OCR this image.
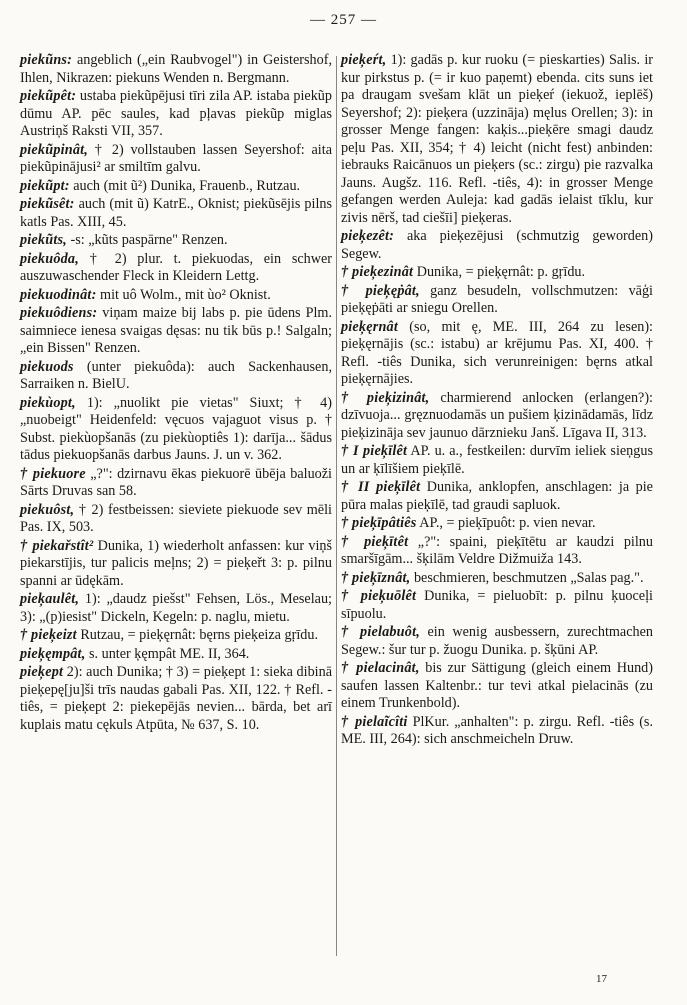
— 257 —

piekũns: angeblich („ein Raubvogel") in Geistershof, Ihlen, Nikrazen: piekuns Wenden n. Bergmann.

piekũpêt: ustaba piekũpējusi tīri zila AP. istaba piekũp dūmu AP. pēc saules, kad pļavas piekũp miglas Austriņš Raksti VII, 357.

piekũpinât, † 2) vollstauben lassen Seyershof: aita piekũpinājusi² ar smiltīm galvu.

piekũpt: auch (mit ũ²) Dunika, Frauenb., Rutzau.

piekũsêt: auch (mit ũ) KatrE., Oknist; piekũsējis pilns katls Pas. XIII, 45.

piekũts, -s: „kũts paspārne" Renzen.

piekuôda, † 2) plur. t. piekuodas, ein schwer auszuwaschender Fleck in Kleidern Lettg.

piekuodinât: mit uô Wolm., mit ùo² Oknist.

piekuôdiens: viņam maize bij labs p. pie ūdens Plm. saimniece ienesa svaigas dęsas: nu tik būs p.! Salgaln; „ein Bissen" Renzen.

piekuods (unter piekuôda): auch Sackenhausen, Sarraiken n. BielU.

piekùopt, 1): „nuolikt pie vietas" Siuxt; † 4) „nuobeigt" Heidenfeld: vęcuos vajaguot visus p. † Subst. piekùopšanās (zu piekùoptiês 1): darīja... šādus tādus piekuopšanās darbus Jauns. J. un v. 362.

† piekuore „?": dzirnavu ēkas piekuorē ūbēja baluoži Sārts Druvas san 58.

piekuôst, † 2) festbeissen: sieviete piekuode sev mēli Pas. IX, 503.

† piekařstît² Dunika, 1) wiederholt anfassen: kur viņš piekarstījis, tur palicis meļns; 2) = pieķeřt 3: p. pilnu spanni ar ūdękām.

pieķaulêt, 1): „daudz piešst" Fehsen, Lös., Meselau; 3): „(p)iesist" Dickeln, Kegeln: p. naglu, mietu.

† pieķeizt Rutzau, = pieķęrnât: bęrns pieķeiza gŗīdu.

pieķęmpât, s. unter ķęmpât ME. II, 364.

pieķept 2): auch Dunika; † 3) = pieķept 1: sieka dibinā pieķepę[ju]ši trīs naudas gabali Pas. XII, 122. † Refl. -tiês, = pieķept 2: piekepējās nevien... bārda, bet arī kuplais matu cękuls Atpūta, № 637, S. 10.

pieķeŕt, 1): gadās p. kur ruoku (= pieskarties) Salis. ir kur pirkstus p. (= ir kuo paņemt) ebenda. cits suns iet pa draugam svešam klāt un pieķeŕ (iekuož, ieplēš) Seyershof; 2): pieķera (uzzināja) męlus Orellen; 3): in grosser Menge fangen: kaķis...pieķēre smagi daudz peļu Pas. XII, 354; † 4) leicht (nicht fest) anbinden: iebrauks Raicānuos un pieķers (sc.: zirgu) pie razvalka Jauns. Augšz. 116. Refl. -tiês, 4): in grosser Menge gefangen werden Auleja: kad gadās ielaist tīklu, kur zivis nērš, tad ciešīi] pieķeras.

pieķezêt: aka pieķezējusi (schmutzig geworden) Segew.

† pieķezinât Dunika, = pieķęrnât: p. gŗīdu.

† pieķęṗât, ganz besudeln, vollschmutzen: vāģi pieķęṗāti ar sniegu Orellen.

pieķęrnât (so, mit ę, ME. III, 264 zu lesen): pieķęrnājis (sc.: istabu) ar krējumu Pas. XI, 400. † Refl. -tiês Dunika, sich verunreinigen: bęrns atkal pieķęrnājies.

† pieķizinât, charmierend anlocken (erlangen?): dzīvuoja... gręznuodamās un pušiem ķizinādamās, līdz pieķizināja sev jaunuo dārznieku Janš. Līgava II, 313.

† I pieķīlêt AP. u. a., festkeilen: durvīm ieliek sieņgus un ar ķīlīšiem pieķīlē.

† II pieķīlêt Dunika, anklopfen, anschlagen: ja pie pūra malas pieķīlē, tad graudi sapluok.

† pieķīpâtiês AP., = pieķīpuôt: p. vien nevar.

† pieķītêt „?": spaini, pieķītētu ar kaudzi pilnu smaršīgām... šķilām Veldre Dižmuiža 143.

† pieķīznât, beschmieren, beschmutzen „Salas pag.".

† pieķuōlêt Dunika, = pieluobīt: p. pilnu ķuoceļi sīpuolu.

† pielabuôt, ein wenig ausbessern, zurechtmachen Segew.: šur tur p. žuogu Dunika. p. šķūni AP.

† pielacinât, bis zur Sättigung (gleich einem Hund) saufen lassen Kaltenbr.: tur tevi atkal pielacinās (zu einem Trunkenbold).

† pielaĩcîti PlKur. „anhalten": p. zirgu. Refl. -tiês (s. ME. III, 264): sich anschmeicheln Druw.

17
